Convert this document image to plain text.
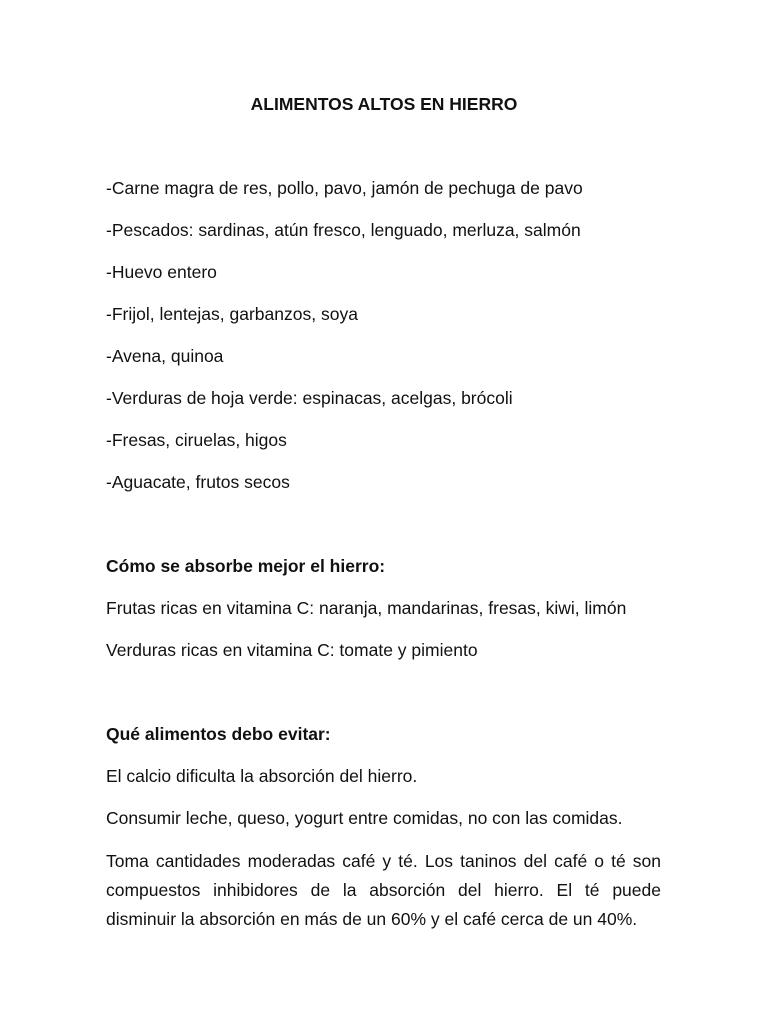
ALIMENTOS ALTOS EN HIERRO
-Carne magra de res, pollo, pavo, jamón de pechuga de pavo
-Pescados: sardinas, atún fresco, lenguado, merluza, salmón
-Huevo entero
-Frijol, lentejas, garbanzos, soya
-Avena, quinoa
-Verduras de hoja verde: espinacas, acelgas, brócoli
-Fresas, ciruelas, higos
-Aguacate, frutos secos
Cómo se absorbe mejor el hierro:
Frutas ricas en vitamina C: naranja, mandarinas, fresas, kiwi, limón
Verduras ricas en vitamina C: tomate y pimiento
Qué alimentos debo evitar:
El calcio dificulta la absorción del hierro.
Consumir leche, queso, yogurt entre comidas, no con las comidas.
Toma cantidades moderadas café y té. Los taninos del café o té son compuestos inhibidores de la absorción del hierro. El té puede disminuir la absorción en más de un 60% y el café cerca de un 40%.
